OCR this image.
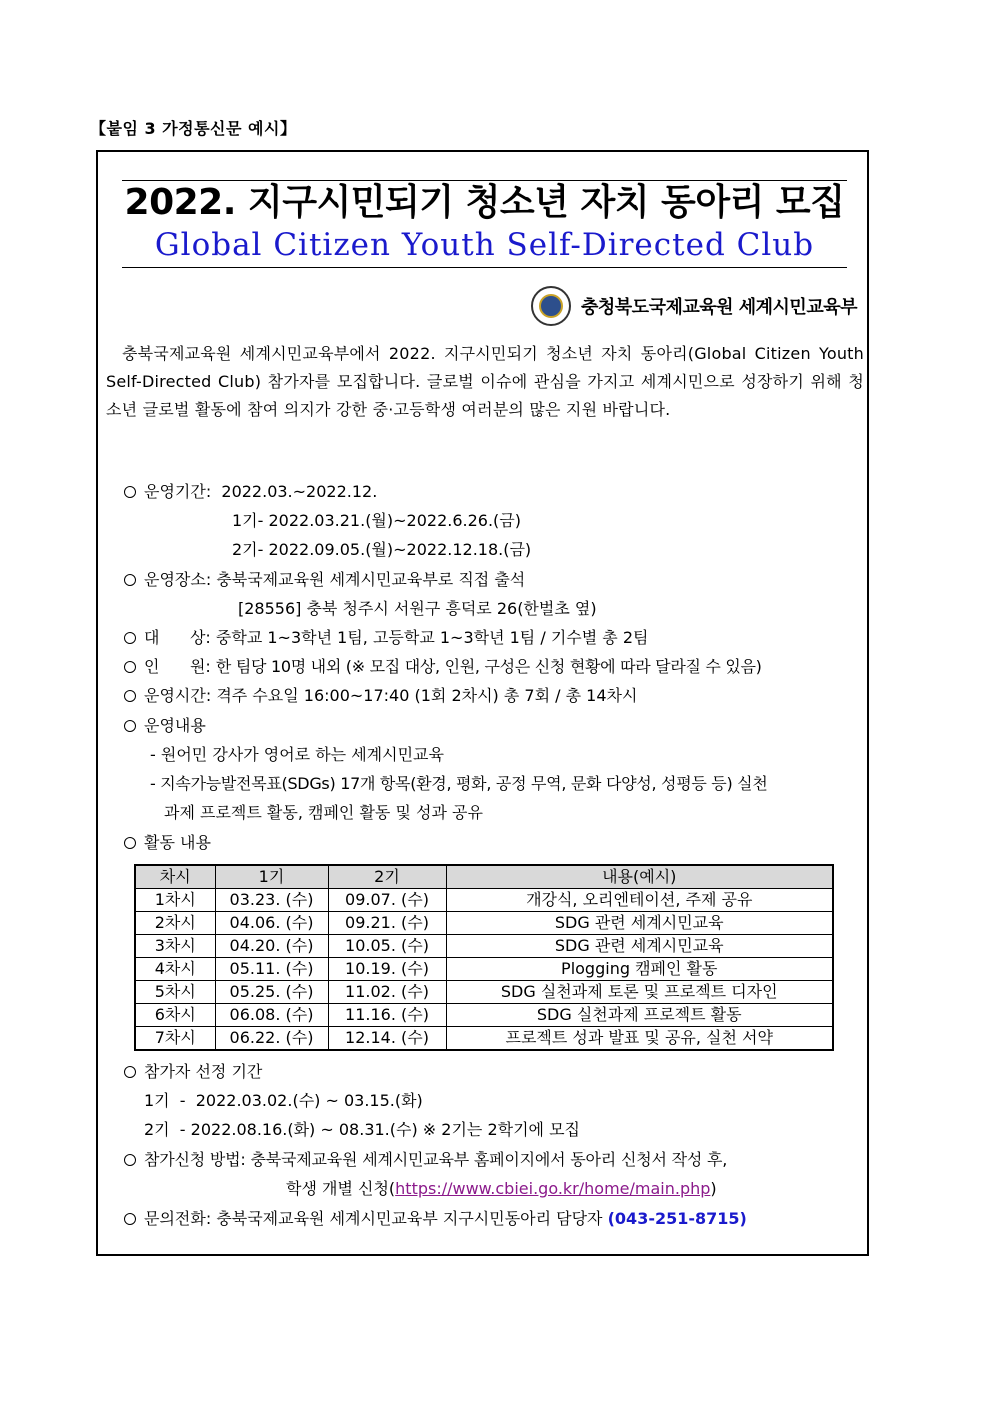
【붙임 3 가정통신문 예시】
2022. 지구시민되기 청소년 자치 동아리 모집
Global Citizen Youth Self-Directed Club
충청북도국제교육원 세계시민교육부
충북국제교육원 세계시민교육부에서 2022. 지구시민되기 청소년 자치 동아리(Global Citizen Youth Self-Directed Club) 참가자를 모집합니다. 글로벌 이슈에 관심을 가지고 세계시민으로 성장하기 위해 청소년 글로벌 활동에 참여 의지가 강한 중·고등학생 여러분의 많은 지원 바랍니다.
운영기간: 2022.03.~2022.12.
1기- 2022.03.21.(월)~2022.6.26.(금)
2기- 2022.09.05.(월)~2022.12.18.(금)
운영장소: 충북국제교육원 세계시민교육부로 직접 출석
[28556] 충북 청주시 서원구 흥덕로 26(한벌초 옆)
대      상: 중학교 1~3학년 1팀, 고등학교 1~3학년 1팀 / 기수별 총 2팀
인      원: 한 팀당 10명 내외 (※ 모집 대상, 인원, 구성은 신청 현황에 따라 달라질 수 있음)
운영시간: 격주 수요일 16:00~17:40 (1회 2차시) 총 7회 / 총 14차시
운영내용
- 원어민 강사가 영어로 하는 세계시민교육
- 지속가능발전목표(SDGs) 17개 항목(환경, 평화, 공정 무역, 문화 다양성, 성평등 등) 실천
과제 프로젝트 활동, 캠페인 활동 및 성과 공유
활동 내용
차시	1기	2기	내용(예시)
1차시	03.23. (수)	09.07. (수)	개강식, 오리엔테이션, 주제 공유
2차시	04.06. (수)	09.21. (수)	SDG 관련 세계시민교육
3차시	04.20. (수)	10.05. (수)	SDG 관련 세계시민교육
4차시	05.11. (수)	10.19. (수)	Plogging 캠페인 활동
5차시	05.25. (수)	11.02. (수)	SDG 실천과제 토론 및 프로젝트 디자인
6차시	06.08. (수)	11.16. (수)	SDG 실천과제 프로젝트 활동
7차시	06.22. (수)	12.14. (수)	프로젝트 성과 발표 및 공유, 실천 서약
참가자 선정 기간
1기  -  2022.03.02.(수) ~ 03.15.(화)
2기  - 2022.08.16.(화) ~ 08.31.(수) ※ 2기는 2학기에 모집
참가신청 방법: 충북국제교육원 세계시민교육부 홈페이지에서 동아리 신청서 작성 후,
학생 개별 신청(https://www.cbiei.go.kr/home/main.php)
문의전화: 충북국제교육원 세계시민교육부 지구시민동아리 담당자 (043-251-8715)
